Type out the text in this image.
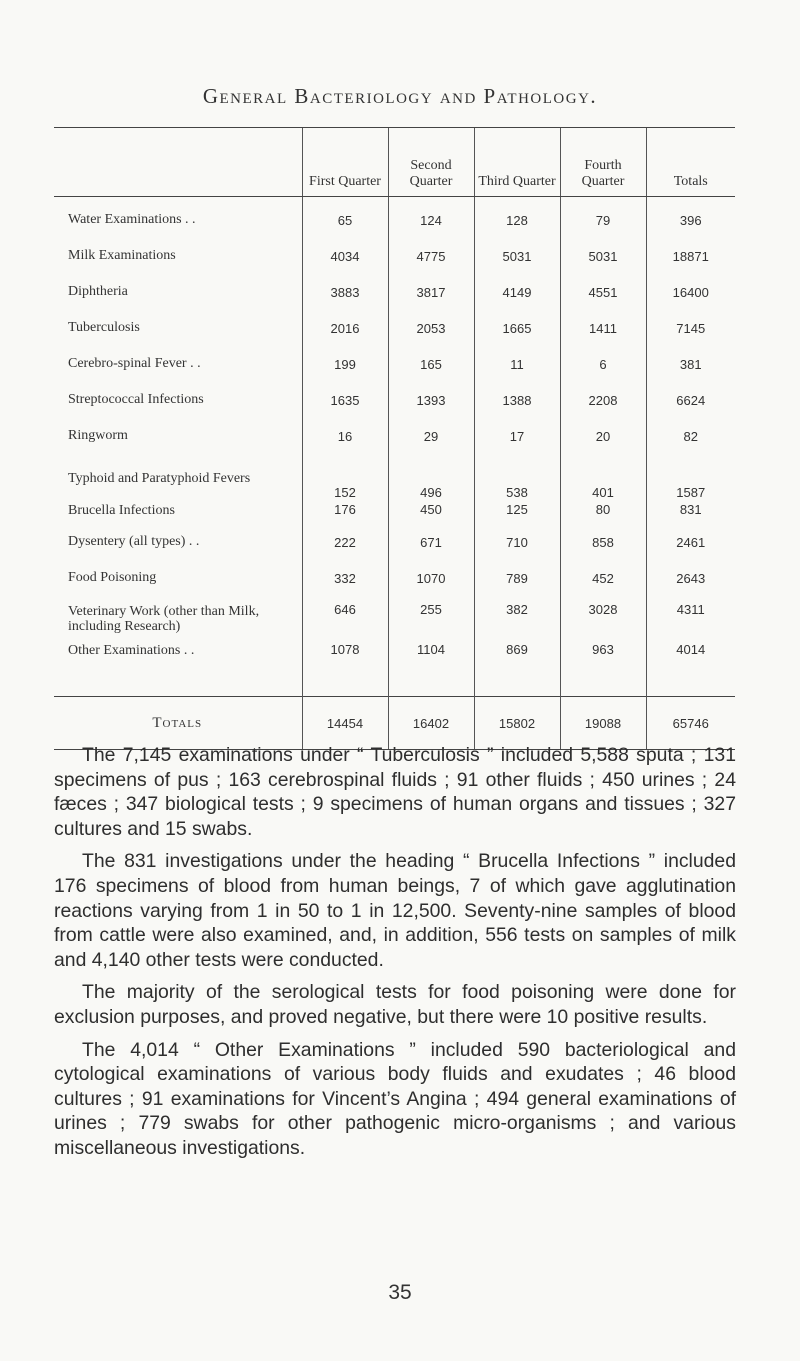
General Bacteriology and Pathology.
	First Quarter	Second Quarter	Third Quarter	Fourth Quarter	Totals
Water Examinations . .	65	124	128	79	396
Milk Examinations	4034	4775	5031	5031	18871
Diphtheria	3883	3817	4149	4551	16400
Tuberculosis	2016	2053	1665	1411	7145
Cerebro-spinal Fever . .	199	165	11	6	381
Streptococcal Infections	1635	1393	1388	2208	6624
Ringworm	16	29	17	20	82
Typhoid and Paratyphoid Fevers	152	496	538	401	1587
Brucella Infections	176	450	125	80	831
Dysentery (all types) . .	222	671	710	858	2461
Food Poisoning	332	1070	789	452	2643
Veterinary Work (other than Milk, including Research)	646	255	382	3028	4311
Other Examinations . .	1078	1104	869	963	4014

Totals	14454	16402	15802	19088	65746

The 7,145 examinations under “ Tuberculosis ” included 5,588 sputa ; 131 specimens of pus ; 163 cerebrospinal fluids ; 91 other fluids ; 450 urines ; 24 fæces ; 347 biological tests ; 9 specimens of human organs and tissues ; 327 cultures and 15 swabs.

The 831 investigations under the heading “ Brucella Infections ” included 176 specimens of blood from human beings, 7 of which gave agglutination reactions varying from 1 in 50 to 1 in 12,500. Seventy-nine samples of blood from cattle were also examined, and, in addition, 556 tests on samples of milk and 4,140 other tests were conducted.

The majority of the serological tests for food poisoning were done for exclusion purposes, and proved negative, but there were 10 positive results.

The 4,014 “ Other Examinations ” included 590 bacteriological and cytological examinations of various body fluids and exudates ; 46 blood cultures ; 91 examinations for Vincent’s Angina ; 494 general examinations of urines ; 779 swabs for other pathogenic micro-organisms ; and various miscellaneous investigations.

35
